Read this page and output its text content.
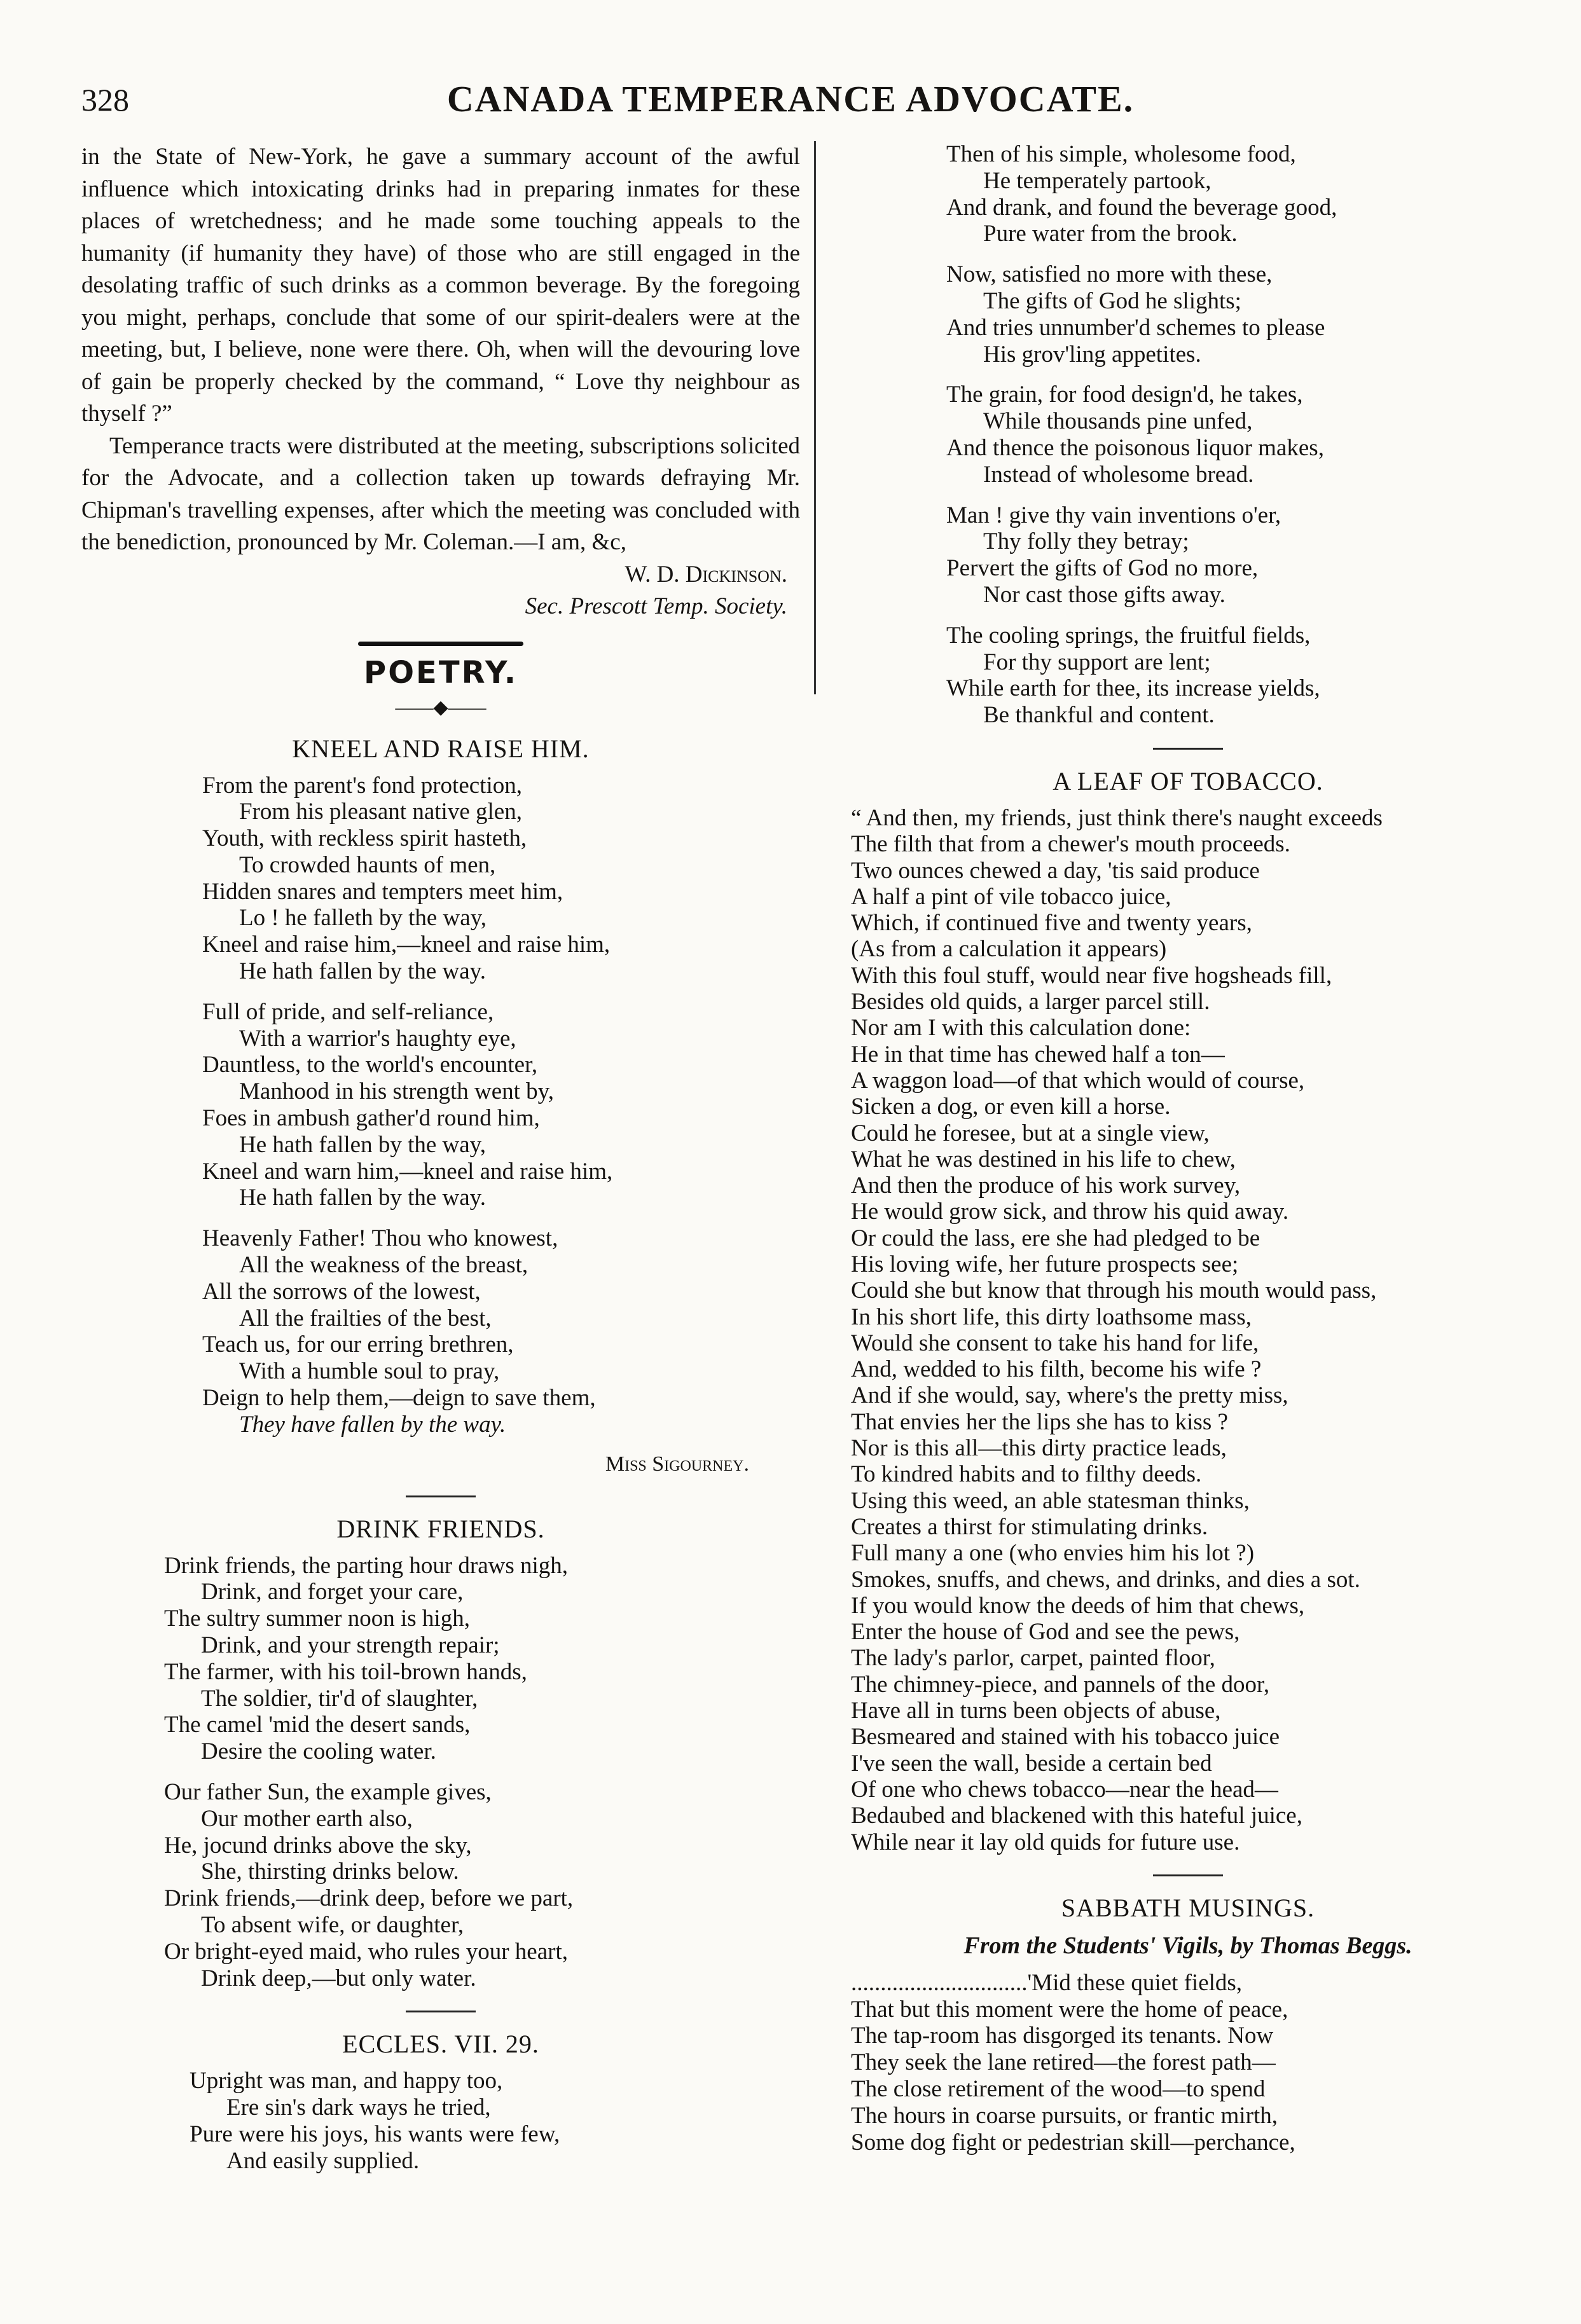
328	CANADA TEMPERANCE ADVOCATE.

in the State of New-York, he gave a summary account of the awful influence which intoxicating drinks had in preparing inmates for these places of wretchedness; and he made some touching appeals to the humanity (if humanity they have) of those who are still engaged in the desolating traffic of such drinks as a common beverage. By the foregoing you might, perhaps, conclude that some of our spirit-dealers were at the meeting, but, I believe, none were there. Oh, when will the devouring love of gain be properly checked by the command, “ Love thy neighbour as thyself ?”

Temperance tracts were distributed at the meeting, subscriptions solicited for the Advocate, and a collection taken up towards defraying Mr. Chipman's travelling expenses, after which the meeting was concluded with the benediction, pronounced by Mr. Coleman.—I am, &c,

W. D. Dickinson.
Sec. Prescott Temp. Society.
POETRY.
——◆——
KNEEL AND RAISE HIM.
From the parent's fond protection,
From his pleasant native glen,
Youth, with reckless spirit hasteth,
To crowded haunts of men,
Hidden snares and tempters meet him,
Lo ! he falleth by the way,
Kneel and raise him,—kneel and raise him,
He hath fallen by the way.
Full of pride, and self-reliance,
With a warrior's haughty eye,
Dauntless, to the world's encounter,
Manhood in his strength went by,
Foes in ambush gather'd round him,
He hath fallen by the way,
Kneel and warn him,—kneel and raise him,
He hath fallen by the way.
Heavenly Father! Thou who knowest,
All the weakness of the breast,
All the sorrows of the lowest,
All the frailties of the best,
Teach us, for our erring brethren,
With a humble soul to pray,
Deign to help them,—deign to save them,
They have fallen by the way.
Miss Sigourney.
DRINK FRIENDS.
Drink friends, the parting hour draws nigh,
Drink, and forget your care,
The sultry summer noon is high,
Drink, and your strength repair;
The farmer, with his toil-brown hands,
The soldier, tir'd of slaughter,
The camel 'mid the desert sands,
Desire the cooling water.
Our father Sun, the example gives,
Our mother earth also,
He, jocund drinks above the sky,
She, thirsting drinks below.
Drink friends,—drink deep, before we part,
To absent wife, or daughter,
Or bright-eyed maid, who rules your heart,
Drink deep,—but only water.
ECCLES. VII. 29.
Upright was man, and happy too,
Ere sin's dark ways he tried,
Pure were his joys, his wants were few,
And easily supplied.
Then of his simple, wholesome food,
He temperately partook,
And drank, and found the beverage good,
Pure water from the brook.
Now, satisfied no more with these,
The gifts of God he slights;
And tries unnumber'd schemes to please
His grov'ling appetites.
The grain, for food design'd, he takes,
While thousands pine unfed,
And thence the poisonous liquor makes,
Instead of wholesome bread.
Man ! give thy vain inventions o'er,
Thy folly they betray;
Pervert the gifts of God no more,
Nor cast those gifts away.
The cooling springs, the fruitful fields,
For thy support are lent;
While earth for thee, its increase yields,
Be thankful and content.
A LEAF OF TOBACCO.
“ And then, my friends, just think there's naught exceeds
The filth that from a chewer's mouth proceeds.
Two ounces chewed a day, 'tis said produce
A half a pint of vile tobacco juice,
Which, if continued five and twenty years,
(As from a calculation it appears)
With this foul stuff, would near five hogsheads fill,
Besides old quids, a larger parcel still.
Nor am I with this calculation done:
He in that time has chewed half a ton—
A waggon load—of that which would of course,
Sicken a dog, or even kill a horse.
Could he foresee, but at a single view,
What he was destined in his life to chew,
And then the produce of his work survey,
He would grow sick, and throw his quid away.
Or could the lass, ere she had pledged to be
His loving wife, her future prospects see;
Could she but know that through his mouth would pass,
In his short life, this dirty loathsome mass,
Would she consent to take his hand for life,
And, wedded to his filth, become his wife ?
And if she would, say, where's the pretty miss,
That envies her the lips she has to kiss ?
Nor is this all—this dirty practice leads,
To kindred habits and to filthy deeds.
Using this weed, an able statesman thinks,
Creates a thirst for stimulating drinks.
Full many a one (who envies him his lot ?)
Smokes, snuffs, and chews, and drinks, and dies a sot.
If you would know the deeds of him that chews,
Enter the house of God and see the pews,
The lady's parlor, carpet, painted floor,
The chimney-piece, and pannels of the door,
Have all in turns been objects of abuse,
Besmeared and stained with his tobacco juice
I've seen the wall, beside a certain bed
Of one who chews tobacco—near the head—
Bedaubed and blackened with this hateful juice,
While near it lay old quids for future use.
SABBATH MUSINGS.
From the Students' Vigils, by Thomas Beggs.
..............................'Mid these quiet fields,
That but this moment were the home of peace,
The tap-room has disgorged its tenants. Now
They seek the lane retired—the forest path—
The close retirement of the wood—to spend
The hours in coarse pursuits, or frantic mirth,
Some dog fight or pedestrian skill—perchance,
